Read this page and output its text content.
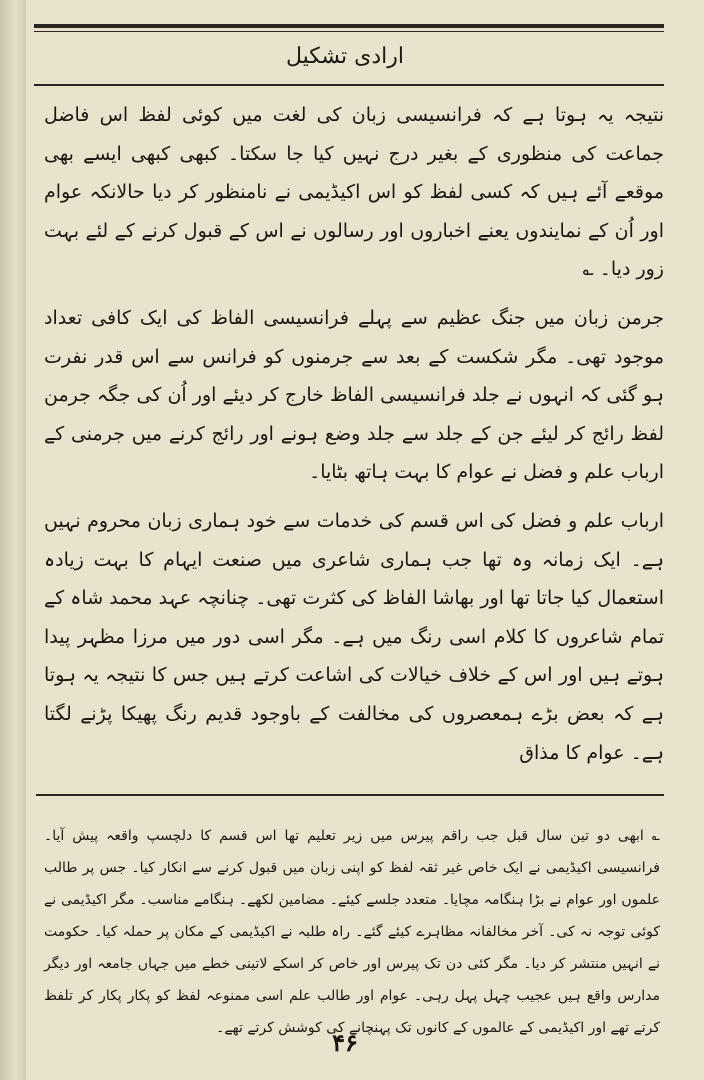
ارادی تشکیل

نتیجہ یہ ہوتا ہے کہ فرانسیسی زبان کی لغت میں کوئی لفظ اس فاضل جماعت کی منظوری کے بغیر درج نہیں کیا جا سکتا۔ کبھی کبھی ایسے بھی موقعے آئے ہیں کہ کسی لفظ کو اس اکیڈیمی نے نامنظور کر دیا حالانکہ عوام اور اُن کے نمایندوں یعنے اخباروں اور رسالوں نے اس کے قبول کرنے کے لئے بہت زور دیا۔ ؎

جرمن زبان میں جنگ عظیم سے پہلے فرانسیسی الفاظ کی ایک کافی تعداد موجود تھی۔ مگر شکست کے بعد سے جرمنوں کو فرانس سے اس قدر نفرت ہو گئی کہ انہوں نے جلد فرانسیسی الفاظ خارج کر دیئے اور اُن کی جگہ جرمن لفظ رائج کر لیئے جن کے جلد سے جلد وضع ہونے اور رائج کرنے میں جرمنی کے ارباب علم و فضل نے عوام کا بہت ہاتھ بٹایا۔

ارباب علم و فضل کی اس قسم کی خدمات سے خود ہماری زبان محروم نہیں ہے۔ ایک زمانہ وہ تھا جب ہماری شاعری میں صنعت ایہام کا بہت زیادہ استعمال کیا جاتا تھا اور بھاشا الفاظ کی کثرت تھی۔ چنانچہ عہد محمد شاہ کے تمام شاعروں کا کلام اسی رنگ میں ہے۔ مگر اسی دور میں مرزا مظہر پیدا ہوتے ہیں اور اس کے خلاف خیالات کی اشاعت کرتے ہیں جس کا نتیجہ یہ ہوتا ہے کہ بعض بڑے ہمعصروں کی مخالفت کے باوجود قدیم رنگ پھیکا پڑنے لگتا ہے۔ عوام کا مذاق

؎ ابھی دو تین سال قبل جب راقم پیرس میں زیر تعلیم تھا اس قسم کا دلچسپ واقعہ پیش آیا۔ فرانسیسی اکیڈیمی نے ایک خاص غیر ثقہ لفظ کو اپنی زبان میں قبول کرنے سے انکار کیا۔ جس پر طالب علموں اور عوام نے بڑا ہنگامہ مچایا۔ متعدد جلسے کیئے۔ مضامین لکھے۔ ہنگامے مناسب۔ مگر اکیڈیمی نے کوئی توجہ نہ کی۔ آخر مخالفانہ مظاہرے کیئے گئے۔ راہ طلبہ نے اکیڈیمی کے مکان پر حملہ کیا۔ حکومت نے انہیں منتشر کر دیا۔ مگر کئی دن تک پیرس اور خاص کر اسکے لاتینی خطے میں جہاں جامعہ اور دیگر مدارس واقع ہیں عجیب چہل پہل رہی۔ عوام اور طالب علم اسی ممنوعہ لفظ کو پکار پکار کر تلفظ کرتے تھے اور اکیڈیمی کے عالموں کے کانوں تک پہنچانے کی کوشش کرتے تھے۔
۴۶
